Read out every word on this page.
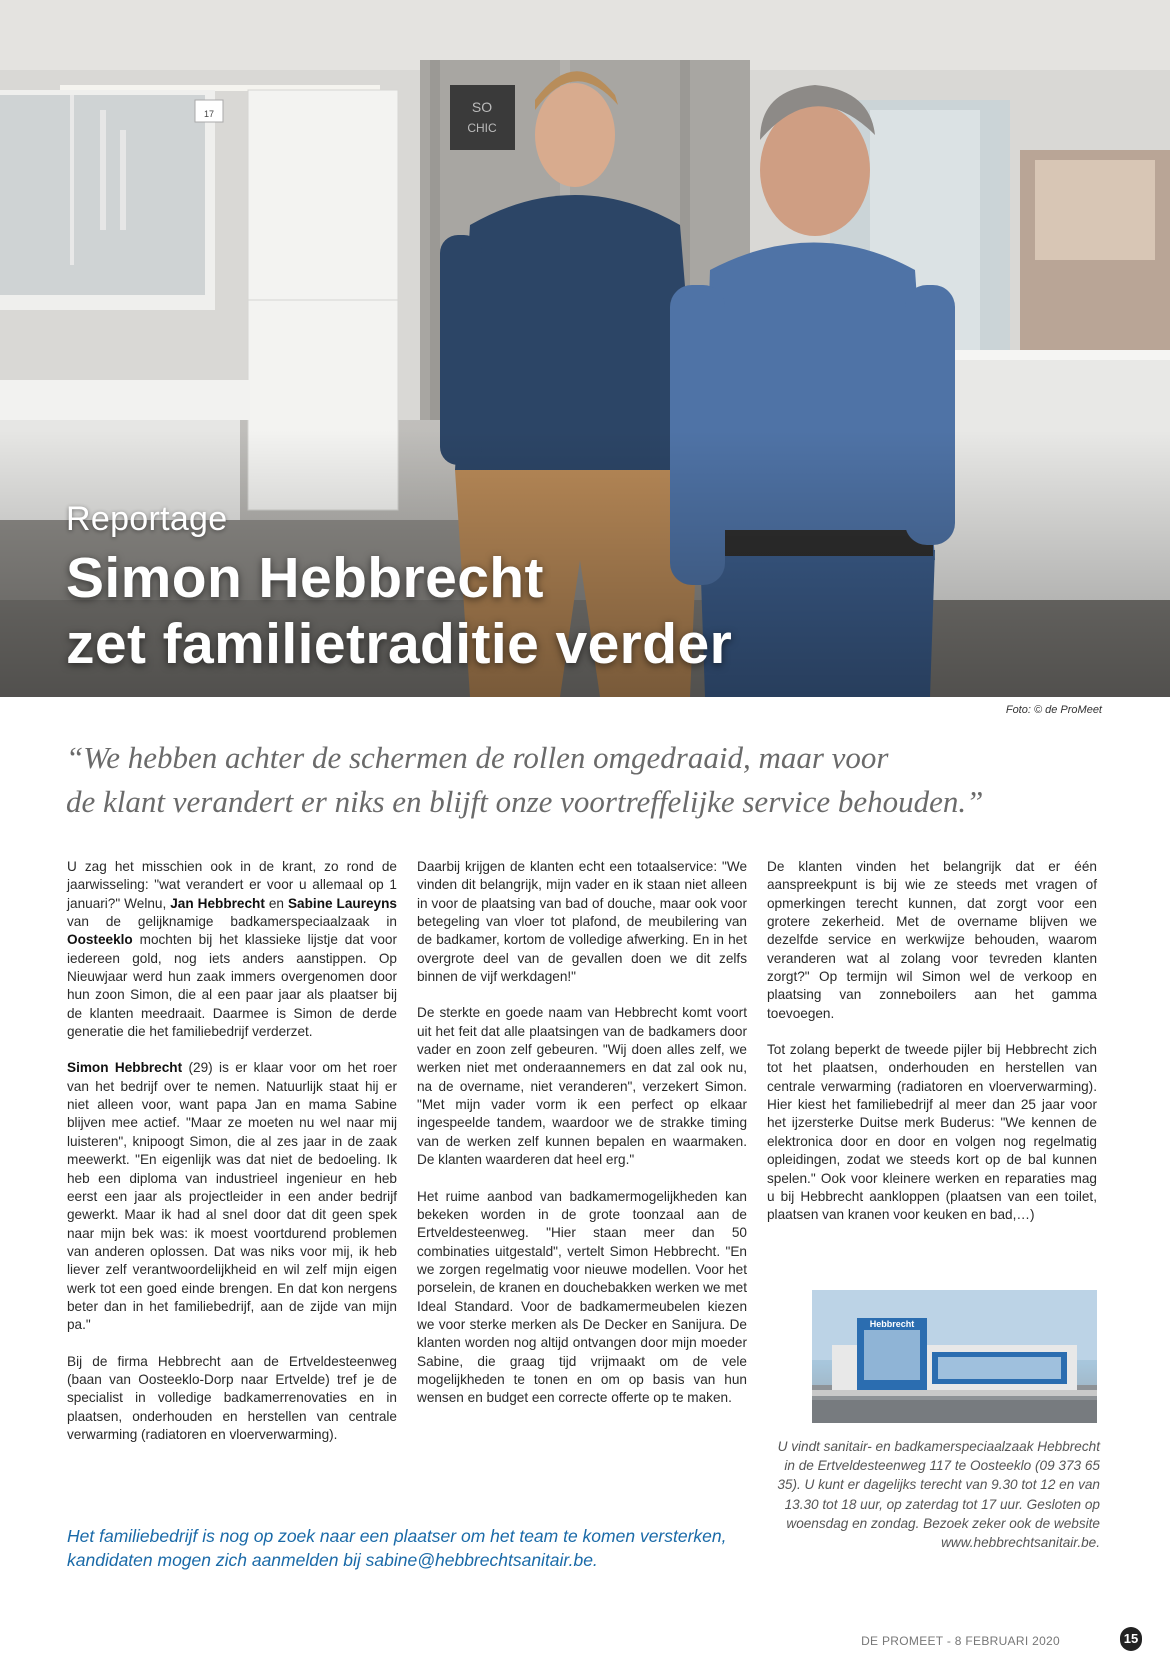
17	SO
CHIC
Reportage
Simon Hebbrecht
zet familietraditie verder
Foto: © de ProMeet
“We hebben achter de schermen de rollen omgedraaid, maar voor
de klant verandert er niks en blijft onze voortreffelijke service behouden.”

U zag het misschien ook in de krant, zo rond de jaarwisseling: "wat verandert er voor u allemaal op 1 januari?" Welnu, Jan Hebbrecht en Sabine Laureyns van de gelijknamige badkamerspeciaalzaak in Oosteeklo mochten bij het klassieke lijstje dat voor iedereen gold, nog iets anders aanstippen. Op Nieuwjaar werd hun zaak immers overgenomen door hun zoon Simon, die al een paar jaar als plaatser bij de klanten meedraait. Daarmee is Simon de derde generatie die het familiebedrijf verderzet.

Simon Hebbrecht (29) is er klaar voor om het roer van het bedrijf over te nemen. Natuurlijk staat hij er niet alleen voor, want papa Jan en mama Sabine blijven mee actief. "Maar ze moeten nu wel naar mij luisteren", knipoogt Simon, die al zes jaar in de zaak meewerkt. "En eigenlijk was dat niet de bedoeling. Ik heb een diploma van industrieel ingenieur en heb eerst een jaar als projectleider in een ander bedrijf gewerkt. Maar ik had al snel door dat dit geen spek naar mijn bek was: ik moest voortdurend problemen van anderen oplossen. Dat was niks voor mij, ik heb liever zelf verantwoordelijkheid en wil zelf mijn eigen werk tot een goed einde brengen. En dat kon nergens beter dan in het familiebedrijf, aan de zijde van mijn pa."

Bij de firma Hebbrecht aan de Ertveldesteenweg (baan van Oosteeklo-Dorp naar Ertvelde) tref je de specialist in volledige badkamerrenovaties en in plaatsen, onderhouden en herstellen van centrale verwarming (radiatoren en vloerverwarming).

Daarbij krijgen de klanten echt een totaalservice: "We vinden dit belangrijk, mijn vader en ik staan niet alleen in voor de plaatsing van bad of douche, maar ook voor betegeling van vloer tot plafond, de meubilering van de badkamer, kortom de volledige afwerking. En in het overgrote deel van de gevallen doen we dit zelfs binnen de vijf werkdagen!"

De sterkte en goede naam van Hebbrecht komt voort uit het feit dat alle plaatsingen van de badkamers door vader en zoon zelf gebeuren. "Wij doen alles zelf, we werken niet met onderaannemers en dat zal ook nu, na de overname, niet veranderen", verzekert Simon. "Met mijn vader vorm ik een perfect op elkaar ingespeelde tandem, waardoor we de strakke timing van de werken zelf kunnen bepalen en waarmaken. De klanten waarderen dat heel erg."

Het ruime aanbod van badkamermogelijkheden kan bekeken worden in de grote toonzaal aan de Ertveldesteenweg. "Hier staan meer dan 50 combinaties uitgestald", vertelt Simon Hebbrecht. "En we zorgen regelmatig voor nieuwe modellen. Voor het porselein, de kranen en douchebakken werken we met Ideal Standard. Voor de badkamermeubelen kiezen we voor sterke merken als De Decker en Sanijura. De klanten worden nog altijd ontvangen door mijn moeder Sabine, die graag tijd vrijmaakt om de vele mogelijkheden te tonen en om op basis van hun wensen en budget een correcte offerte op te maken.

De klanten vinden het belangrijk dat er één aanspreekpunt is bij wie ze steeds met vragen of opmerkingen terecht kunnen, dat zorgt voor een grotere zekerheid. Met de overname blijven we dezelfde service en werkwijze behouden, waarom veranderen wat al zolang voor tevreden klanten zorgt?" Op termijn wil Simon wel de verkoop en plaatsing van zonneboilers aan het gamma toevoegen.

Tot zolang beperkt de tweede pijler bij Hebbrecht zich tot het plaatsen, onderhouden en herstellen van centrale verwarming (radiatoren en vloerverwarming). Hier kiest het familiebedrijf al meer dan 25 jaar voor het ijzersterke Duitse merk Buderus: "We kennen de elektronica door en door en volgen nog regelmatig opleidingen, zodat we steeds kort op de bal kunnen spelen." Ook voor kleinere werken en reparaties mag u bij Hebbrecht aankloppen (plaatsen van een toilet, plaatsen van kranen voor keuken en bad,…)

Hebbrecht
U vindt sanitair- en badkamerspeciaalzaak Hebbrecht in de Ertveldesteenweg 117 te Oosteeklo (09 373 65 35). U kunt er dagelijks terecht van 9.30 tot 12 en van 13.30 tot 18 uur, op zaterdag tot 17 uur. Gesloten op woensdag en zondag. Bezoek zeker ook de website www.hebbrechtsanitair.be.
Het familiebedrijf is nog op zoek naar een plaatser om het team te komen versterken, kandidaten mogen zich aanmelden bij sabine@hebbrechtsanitair.be.
DE PROMEET - 8 FEBRUARI 2020	15
